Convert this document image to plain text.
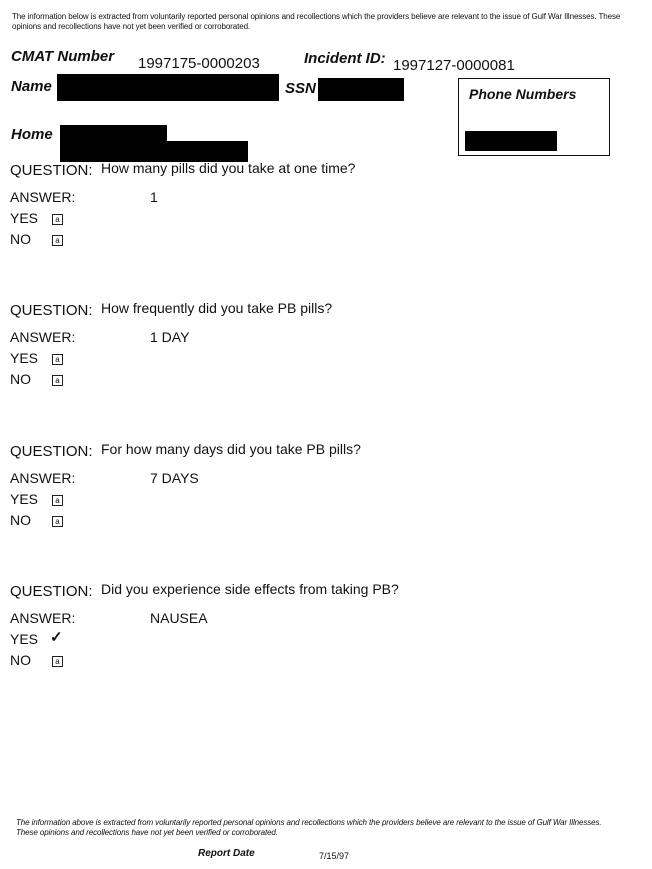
The information below is extracted from voluntarily reported personal opinions and recollections which the providers believe are relevant to the issue of Gulf War Illnesses. These opinions and recollections have not yet been verified or corroborated.
CMAT Number 1997175-0000203	Incident ID: 1997127-0000081
Name	SSN
Home
Phone Numbers
QUESTION: How many pills did you take at one time?
ANSWER:	1
YES	a
NO	a
QUESTION: How frequently did you take PB pills?
ANSWER:	1 DAY
YES	a
NO	a
QUESTION: For how many days did you take PB pills?
ANSWER:	7 DAYS
YES	a
NO	a
QUESTION: Did you experience side effects from taking PB?
ANSWER:	NAUSEA
YES ✓
NO	a
The information above is extracted from voluntarily reported personal opinions and recollections which the providers believe are relevant to the issue of Gulf War Illnesses. These opinions and recollections have not yet been verified or corroborated.
Report Date	7/15/97
